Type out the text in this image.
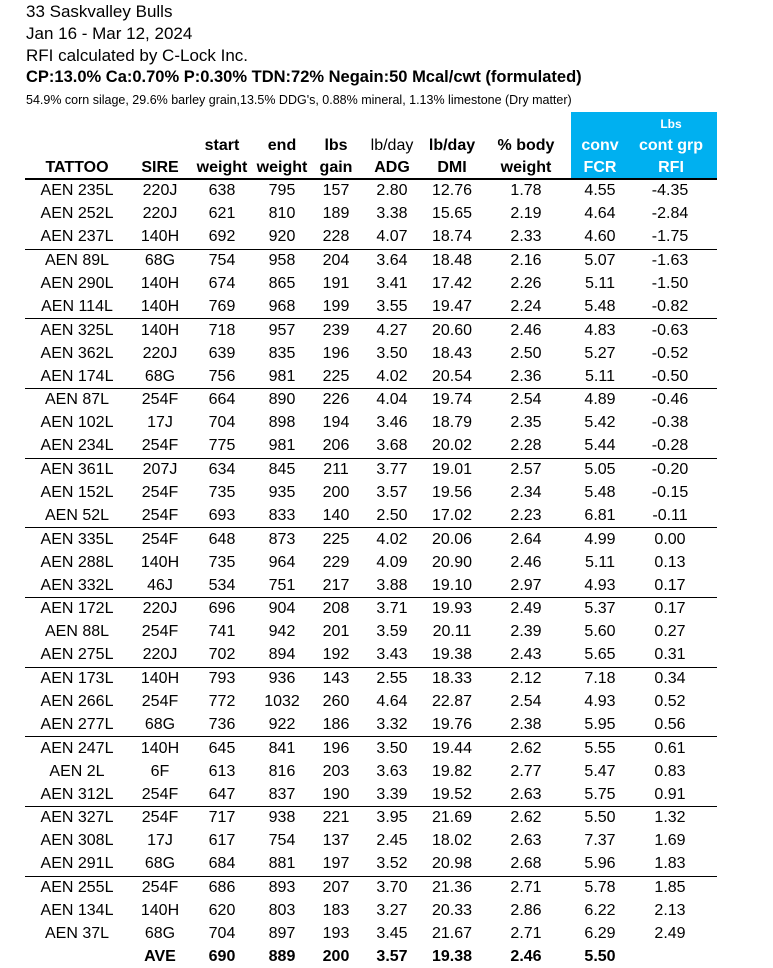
33 Saskvalley Bulls
Jan 16 - Mar 12, 2024
RFI calculated by C-Lock Inc.
CP:13.0% Ca:0.70% P:0.30% TDN:72% Negain:50 Mcal/cwt (formulated)
54.9% corn silage, 29.6% barley grain,13.5% DDG's, 0.88% mineral, 1.13% limestone (Dry matter)
									Lbs
		start	end	lbs	lb/day	lb/day	% body	conv	cont grp
TATTOO	SIRE	weight	weight	gain	ADG	DMI	weight	FCR	RFI
AEN 235L	220J	638	795	157	2.80	12.76	1.78	4.55	-4.35
AEN 252L	220J	621	810	189	3.38	15.65	2.19	4.64	-2.84
AEN 237L	140H	692	920	228	4.07	18.74	2.33	4.60	-1.75
AEN 89L	68G	754	958	204	3.64	18.48	2.16	5.07	-1.63
AEN 290L	140H	674	865	191	3.41	17.42	2.26	5.11	-1.50
AEN 114L	140H	769	968	199	3.55	19.47	2.24	5.48	-0.82
AEN 325L	140H	718	957	239	4.27	20.60	2.46	4.83	-0.63
AEN 362L	220J	639	835	196	3.50	18.43	2.50	5.27	-0.52
AEN 174L	68G	756	981	225	4.02	20.54	2.36	5.11	-0.50
AEN 87L	254F	664	890	226	4.04	19.74	2.54	4.89	-0.46
AEN 102L	17J	704	898	194	3.46	18.79	2.35	5.42	-0.38
AEN 234L	254F	775	981	206	3.68	20.02	2.28	5.44	-0.28
AEN 361L	207J	634	845	211	3.77	19.01	2.57	5.05	-0.20
AEN 152L	254F	735	935	200	3.57	19.56	2.34	5.48	-0.15
AEN 52L	254F	693	833	140	2.50	17.02	2.23	6.81	-0.11
AEN 335L	254F	648	873	225	4.02	20.06	2.64	4.99	0.00
AEN 288L	140H	735	964	229	4.09	20.90	2.46	5.11	0.13
AEN 332L	46J	534	751	217	3.88	19.10	2.97	4.93	0.17
AEN 172L	220J	696	904	208	3.71	19.93	2.49	5.37	0.17
AEN 88L	254F	741	942	201	3.59	20.11	2.39	5.60	0.27
AEN 275L	220J	702	894	192	3.43	19.38	2.43	5.65	0.31
AEN 173L	140H	793	936	143	2.55	18.33	2.12	7.18	0.34
AEN 266L	254F	772	1032	260	4.64	22.87	2.54	4.93	0.52
AEN 277L	68G	736	922	186	3.32	19.76	2.38	5.95	0.56
AEN 247L	140H	645	841	196	3.50	19.44	2.62	5.55	0.61
AEN 2L	6F	613	816	203	3.63	19.82	2.77	5.47	0.83
AEN 312L	254F	647	837	190	3.39	19.52	2.63	5.75	0.91
AEN 327L	254F	717	938	221	3.95	21.69	2.62	5.50	1.32
AEN 308L	17J	617	754	137	2.45	18.02	2.63	7.37	1.69
AEN 291L	68G	684	881	197	3.52	20.98	2.68	5.96	1.83
AEN 255L	254F	686	893	207	3.70	21.36	2.71	5.78	1.85
AEN 134L	140H	620	803	183	3.27	20.33	2.86	6.22	2.13
AEN 37L	68G	704	897	193	3.45	21.67	2.71	6.29	2.49
	AVE	690	889	200	3.57	19.38	2.46	5.50	
